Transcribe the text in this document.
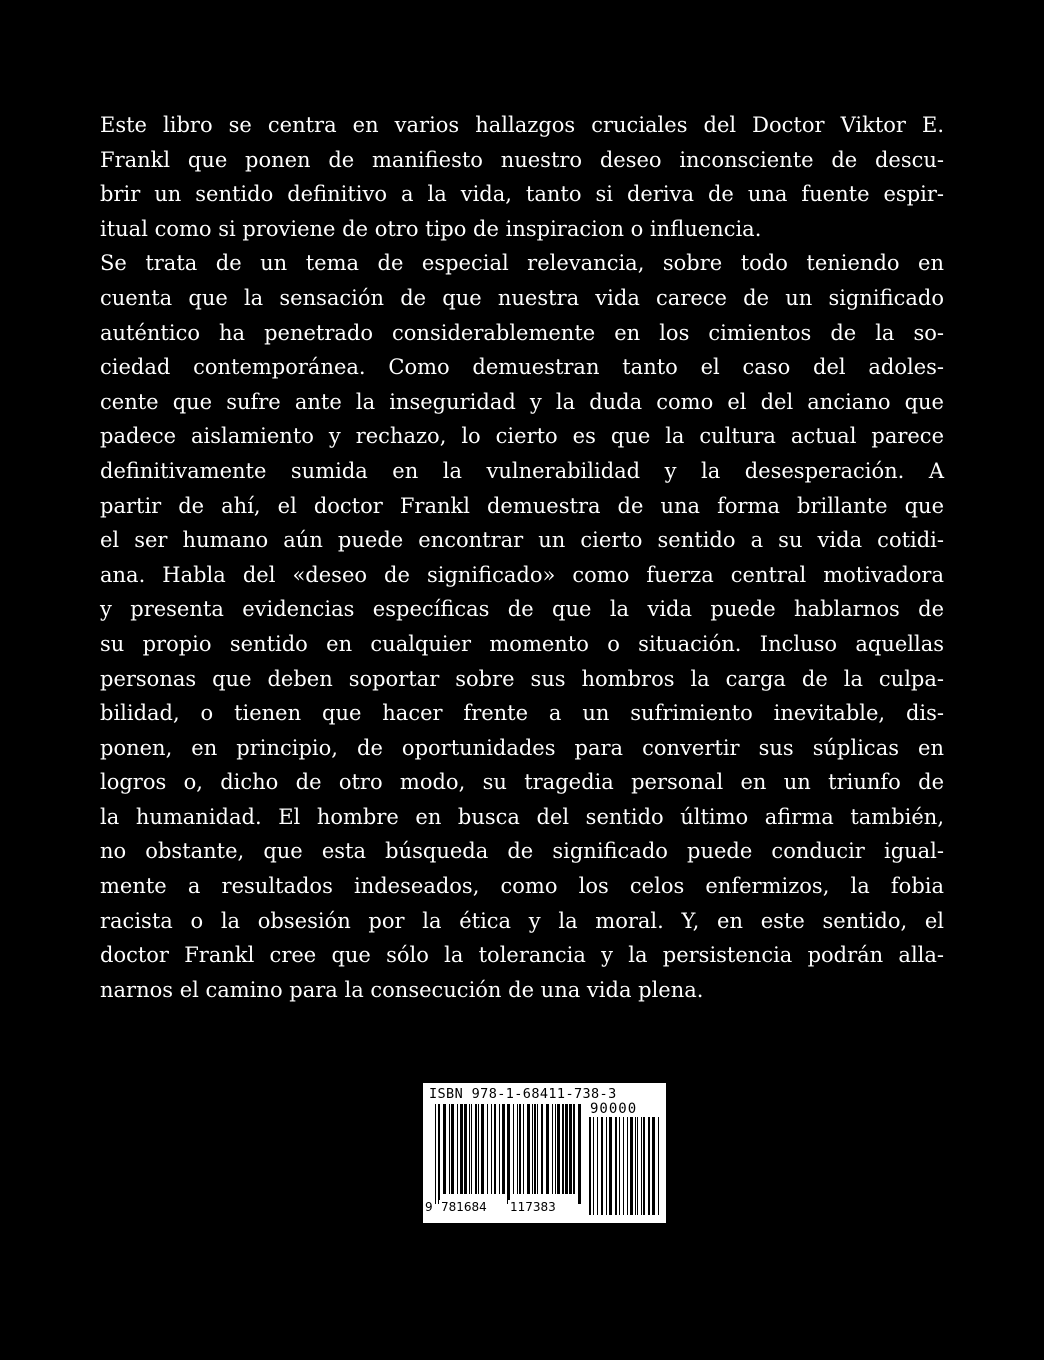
Este libro se centra en varios hallazgos cruciales del Doctor Viktor E.
Frankl que ponen de manifiesto nuestro deseo inconsciente de descu-
brir un sentido definitivo a la vida, tanto si deriva de una fuente espir-
itual como si proviene de otro tipo de inspiracion o influencia.
Se trata de un tema de especial relevancia, sobre todo teniendo en
cuenta que la sensación de que nuestra vida carece de un significado
auténtico ha penetrado considerablemente en los cimientos de la so-
ciedad contemporánea. Como demuestran tanto el caso del adoles-
cente que sufre ante la inseguridad y la duda como el del anciano que
padece aislamiento y rechazo, lo cierto es que la cultura actual parece
definitivamente sumida en la vulnerabilidad y la desesperación. A
partir de ahí, el doctor Frankl demuestra de una forma brillante que
el ser humano aún puede encontrar un cierto sentido a su vida cotidi-
ana. Habla del «deseo de significado» como fuerza central motivadora
y presenta evidencias específicas de que la vida puede hablarnos de
su propio sentido en cualquier momento o situación. Incluso aquellas
personas que deben soportar sobre sus hombros la carga de la culpa-
bilidad, o tienen que hacer frente a un sufrimiento inevitable, dis-
ponen, en principio, de oportunidades para convertir sus súplicas en
logros o, dicho de otro modo, su tragedia personal en un triunfo de
la humanidad. El hombre en busca del sentido último afirma también,
no obstante, que esta búsqueda de significado puede conducir igual-
mente a resultados indeseados, como los celos enfermizos, la fobia
racista o la obsesión por la ética y la moral. Y, en este sentido, el
doctor Frankl cree que sólo la tolerancia y la persistencia podrán alla-
narnos el camino para la consecución de una vida plena.
ISBN 978-1-68411-738-3
90000
9 781684 117383
